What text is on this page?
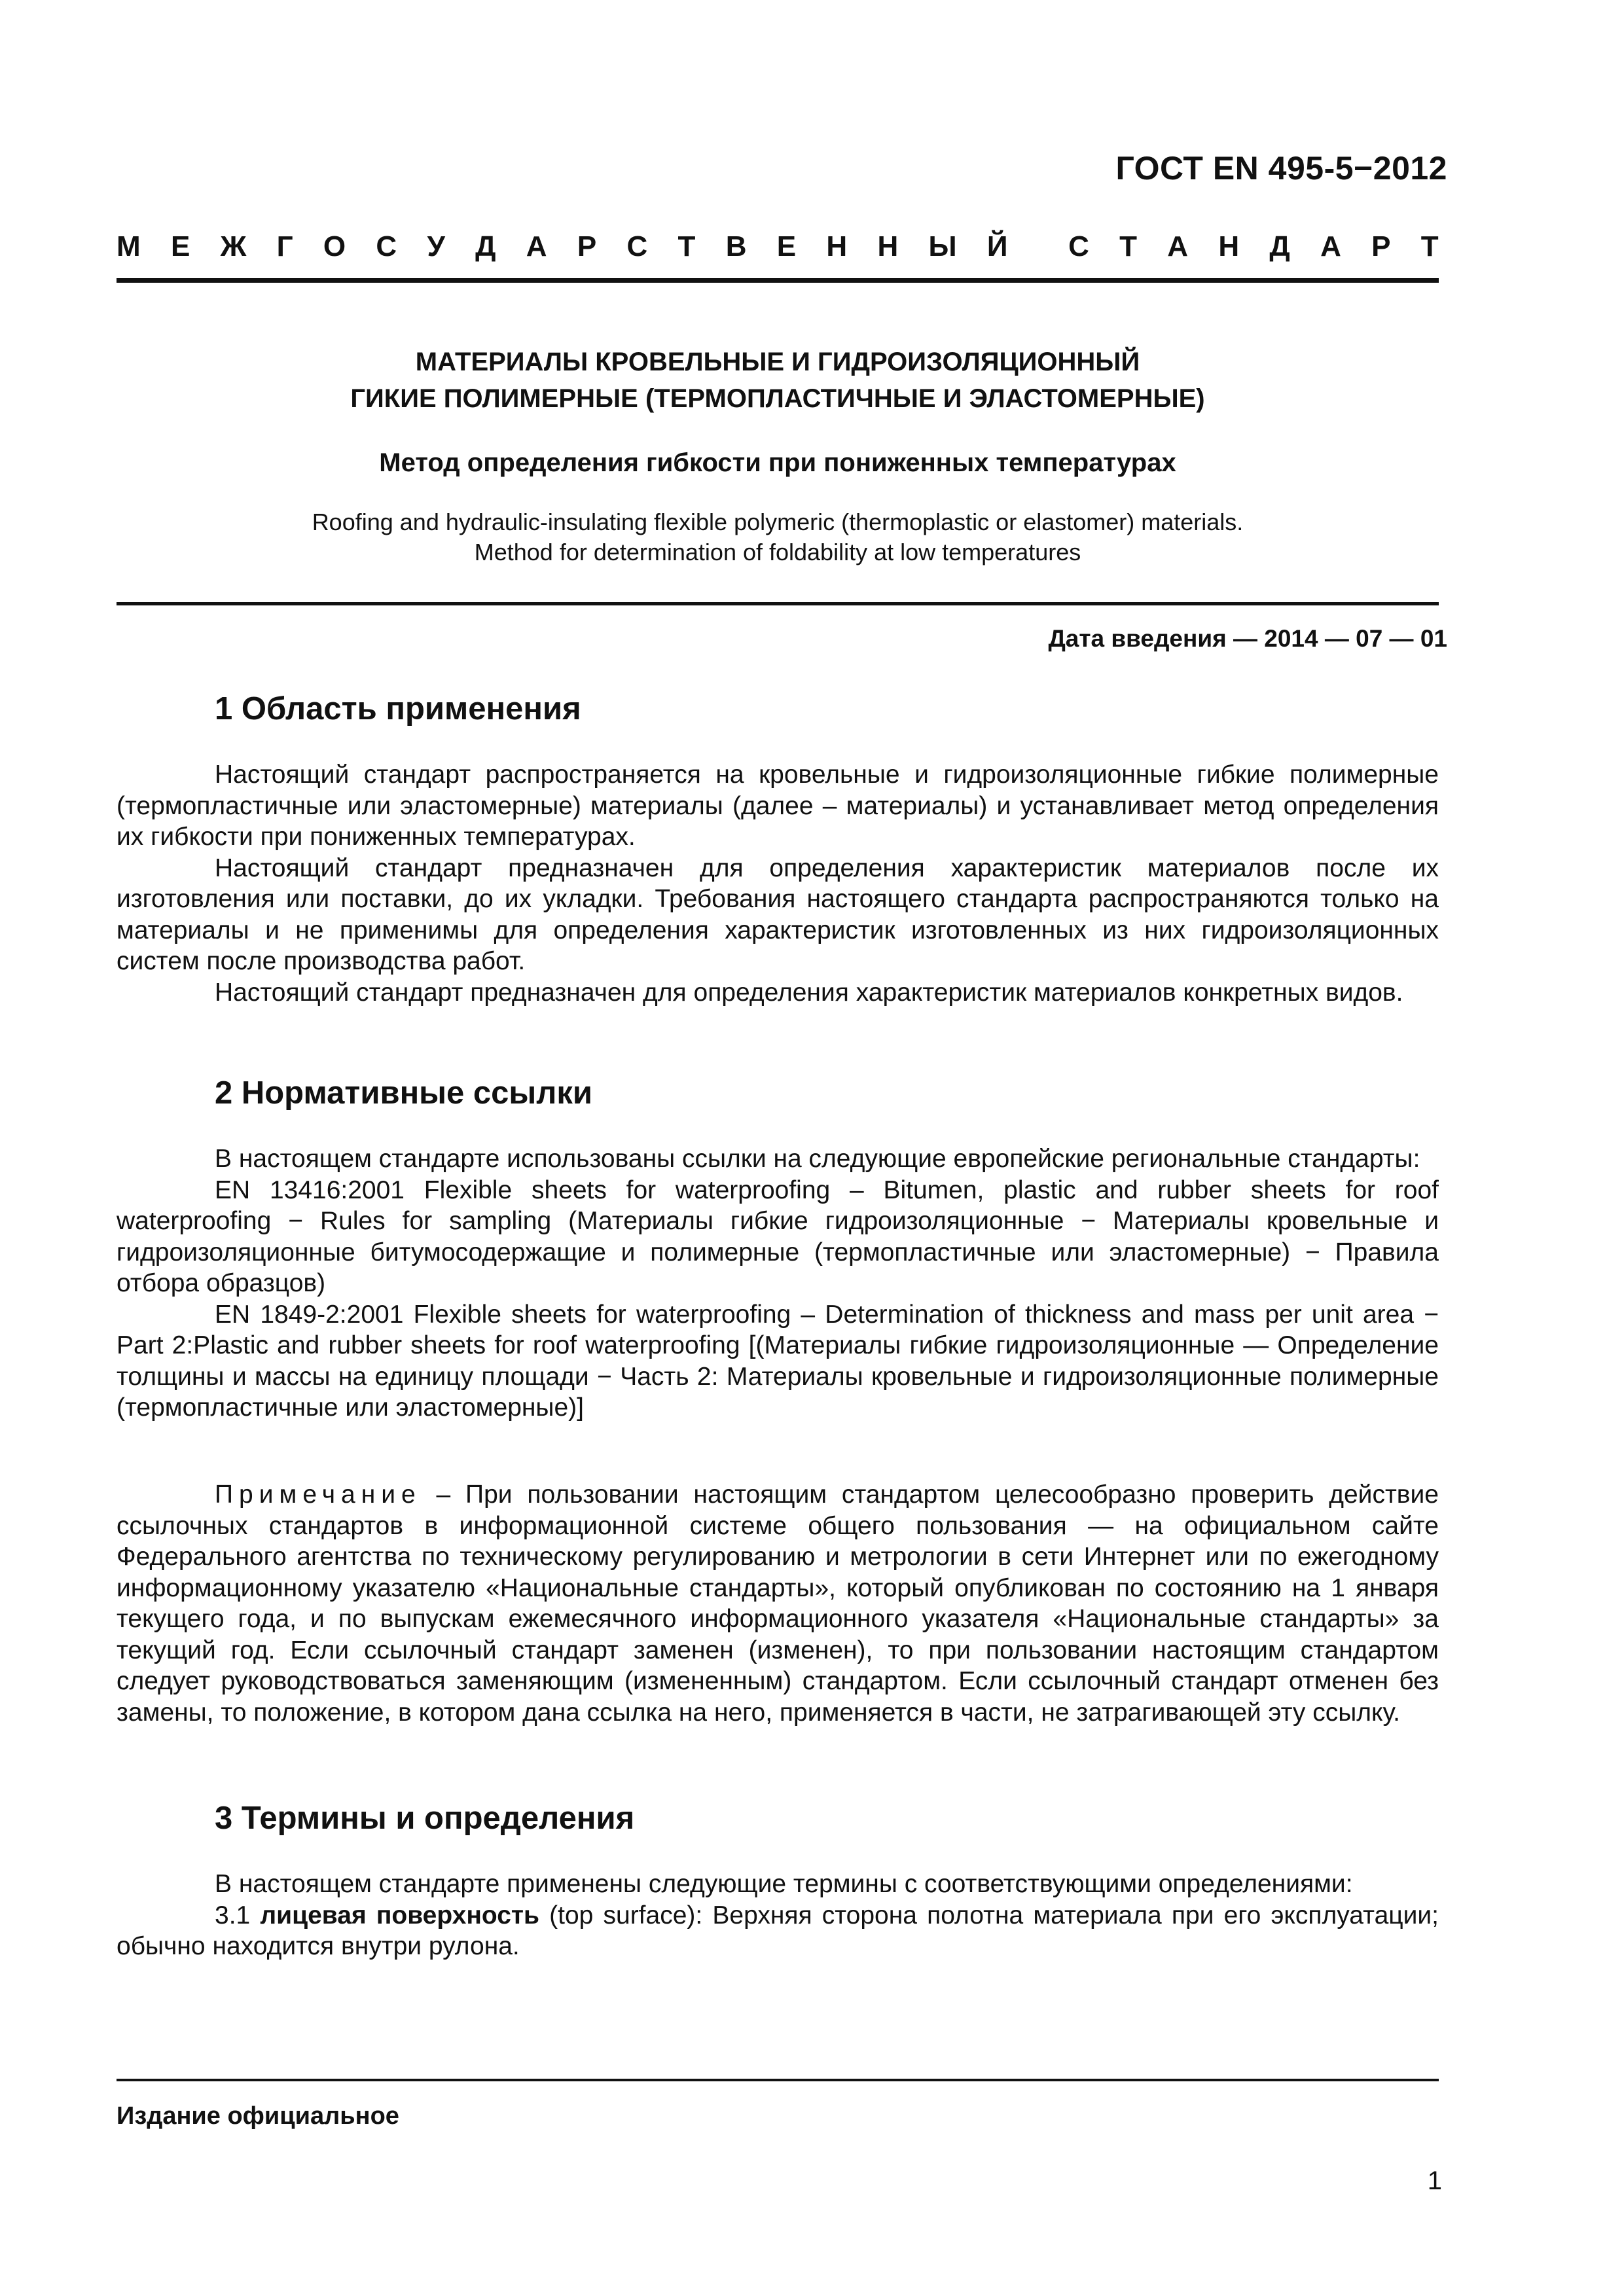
ГОСТ EN 495-5−2012
М Е Ж Г О С У Д А Р С Т В Е Н Н Ы Й С Т А Н Д А Р Т
МАТЕРИАЛЫ КРОВЕЛЬНЫЕ И ГИДРОИЗОЛЯЦИОННЫЙ
ГИКИЕ ПОЛИМЕРНЫЕ (ТЕРМОПЛАСТИЧНЫЕ И ЭЛАСТОМЕРНЫЕ)
Метод определения гибкости при пониженных температурах
Roofing and hydraulic-insulating flexible polymeric (thermoplastic or elastomer) materials.
Method for determination of foldability at low temperatures
Дата введения — 2014 — 07 — 01
1 Область применения

Настоящий стандарт распространяется на кровельные и гидроизоляционные гибкие полимерные (термопластичные или эластомерные) материалы (далее – материалы) и устанавливает метод определения их гибкости при пониженных температурах.

Настоящий стандарт предназначен для определения характеристик материалов после их изготовления или поставки, до их укладки. Требования настоящего стандарта распространяются только на материалы и не применимы для определения характеристик изготовленных из них гидроизоляционных систем после производства работ.

Настоящий стандарт предназначен для определения характеристик материалов конкретных видов.

2 Нормативные ссылки

В настоящем стандарте использованы ссылки на следующие европейские региональные стандарты:

EN 13416:2001 Flexible sheets for waterproofing – Bitumen, plastic and rubber sheets for roof waterproofing − Rules for sampling (Материалы гибкие гидроизоляционные − Материалы кровельные и гидроизоляционные битумосодержащие и полимерные (термопластичные или эластомерные) − Правила отбора образцов)

EN 1849-2:2001 Flexible sheets for waterproofing – Determination of thickness and mass per unit area − Part 2:Plastic and rubber sheets for roof waterproofing [(Материалы гибкие гидроизоляционные — Определение толщины и массы на единицу площади − Часть 2: Материалы кровельные и гидроизоляционные полимерные (термопластичные или эластомерные)]

Примечание – При пользовании настоящим стандартом целесообразно проверить действие ссылочных стандартов в информационной системе общего пользования — на официальном сайте Федерального агентства по техническому регулированию и метрологии в сети Интернет или по ежегодному информационному указателю «Национальные стандарты», который опубликован по состоянию на 1 января текущего года, и по выпускам ежемесячного информационного указателя «Национальные стандарты» за текущий год. Если ссылочный стандарт заменен (изменен), то при пользовании настоящим стандартом следует руководствоваться заменяющим (измененным) стандартом. Если ссылочный стандарт отменен без замены, то положение, в котором дана ссылка на него, применяется в части, не затрагивающей эту ссылку.

3 Термины и определения

В настоящем стандарте применены следующие термины с соответствующими определениями:

3.1 лицевая поверхность (top surface): Верхняя сторона полотна материала при его эксплуатации; обычно находится внутри рулона.

Издание официальное
1
